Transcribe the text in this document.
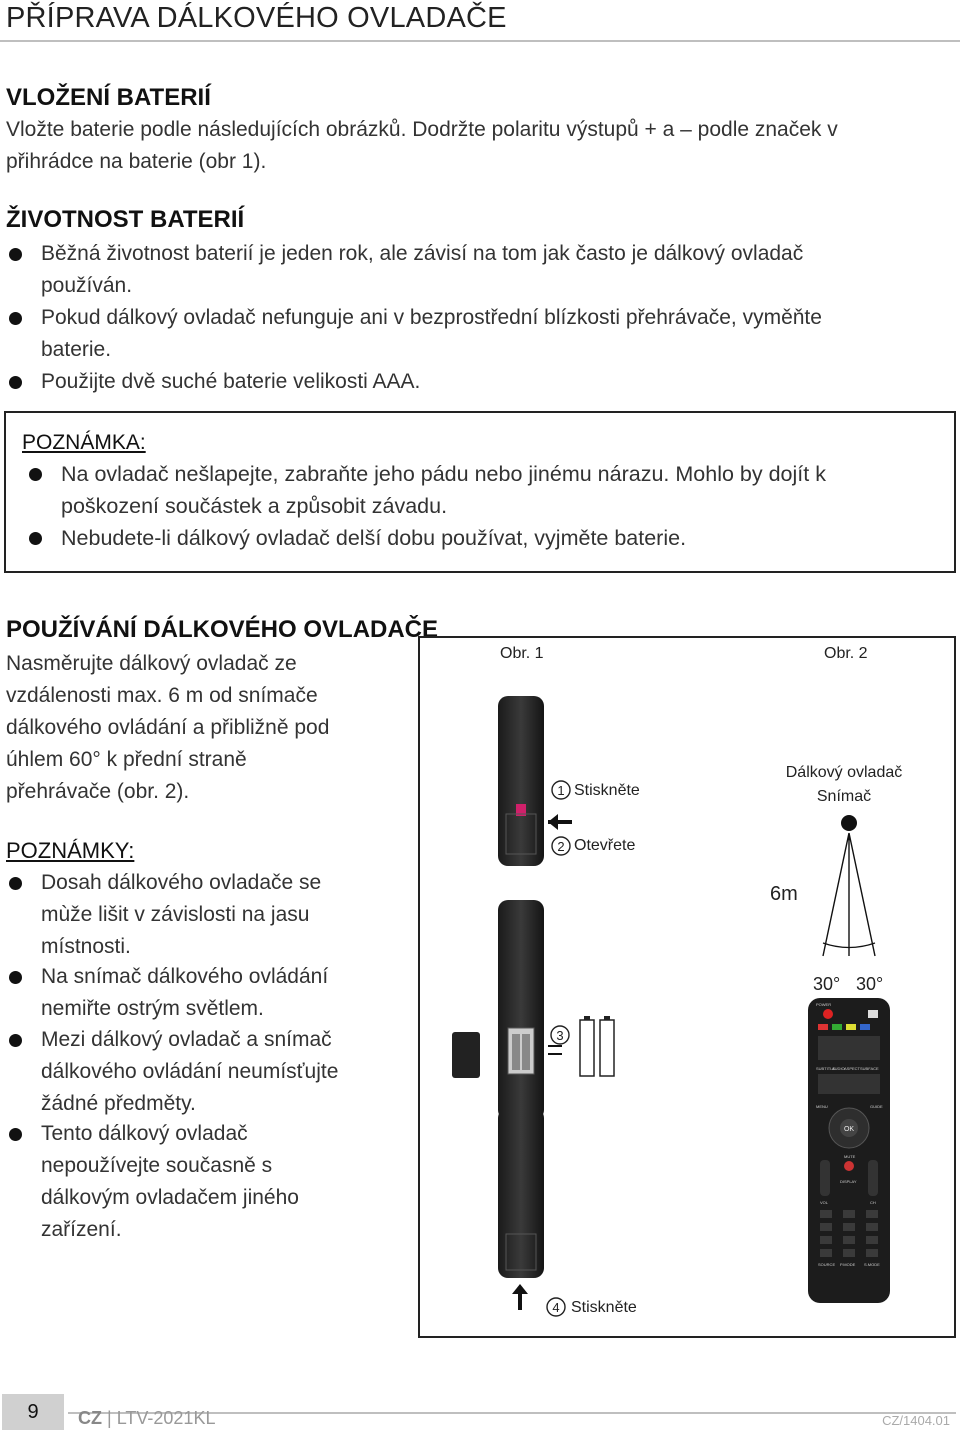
PŘÍPRAVA DÁLKOVÉHO OVLADAČE
VLOŽENÍ BATERIÍ
Vložte baterie podle následujících obrázků. Dodržte polaritu výstupů + a – podle značek v
přihrádce na baterie (obr 1).
ŽIVOTNOST BATERIÍ
Běžná životnost baterií je jeden rok, ale závisí na tom jak často je dálkový ovladač
používán.
Pokud dálkový ovladač nefunguje ani v bezprostřední blízkosti přehrávače, vyměňte
baterie.
Použijte dvě suché baterie velikosti AAA.
POZNÁMKA:
Na ovladač nešlapejte, zabraňte jeho pádu nebo jinému nárazu. Mohlo by dojít k
poškození součástek a způsobit závadu.
Nebudete-li dálkový ovladač delší dobu používat, vyjměte baterie.
POUŽÍVÁNÍ DÁLKOVÉHO OVLADAČE
Nasměrujte dálkový ovladač ze
vzdálenosti max. 6 m od snímače
dálkového ovládání a přibližně pod
úhlem 60° k přední straně
přehrávače (obr. 2).
POZNÁMKY:
Dosah dálkového ovladače se
mùže lišit v závislosti na jasu
místnosti.
Na snímač dálkového ovládání
nemiřte ostrým světlem.
Mezi dálkový ovladač a snímač
dálkového ovládání neumísťujte
žádné předměty.
Tento dálkový ovladač
nepoužívejte současně s
dálkovým ovladačem jiného
zařízení.
Obr. 1	Obr. 2
1
2
3
4
6m
30° 30°
POWER
SUBTITLE
AUDIO ASPECT SUBFACE
MENU	GUIDE
OK
MUTE
DISPLAY
VOL	CH
SOURCE P.MODE S.MODE
Stiskněte
Otevřete
Stiskněte
Dálkový ovladač
Snímač
9	CZ | LTV-2021KL	CZ/1404.01
